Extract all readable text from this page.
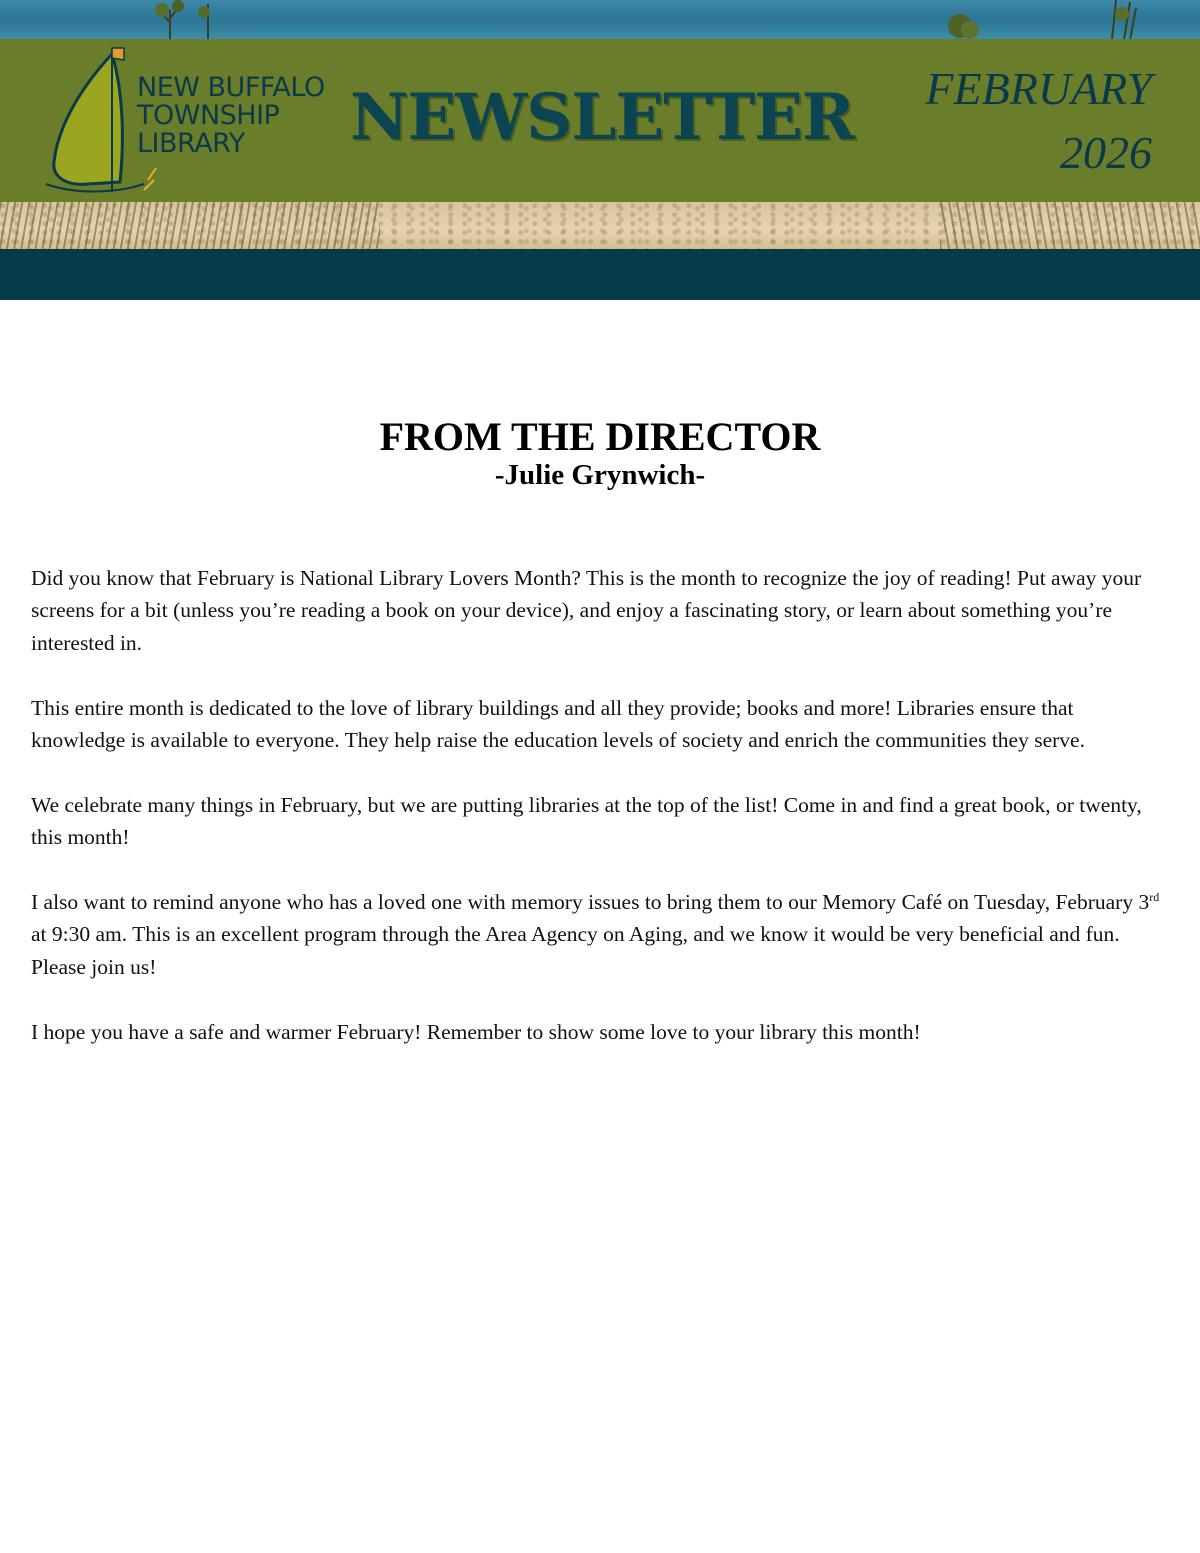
NEW BUFFALO
TOWNSHIP
LIBRARY	NEWSLETTER FEBRUARY
2026
FROM THE DIRECTOR
-Julie Grynwich-

Did you know that February is National Library Lovers Month? This is the month to recognize the joy of reading! Put away your screens for a bit (unless you’re reading a book on your device), and enjoy a fascinating story, or learn about something you’re interested in.

This entire month is dedicated to the love of library buildings and all they provide; books and more! Libraries ensure that knowledge is available to everyone. They help raise the education levels of society and enrich the communities they serve.

We celebrate many things in February, but we are putting libraries at the top of the list! Come in and find a great book, or twenty, this month!

I also want to remind anyone who has a loved one with memory issues to bring them to our Memory Café on Tuesday, February 3rd at 9:30 am. This is an excellent program through the Area Agency on Aging, and we know it would be very beneficial and fun. Please join us!

I hope you have a safe and warmer February! Remember to show some love to your library this month!
